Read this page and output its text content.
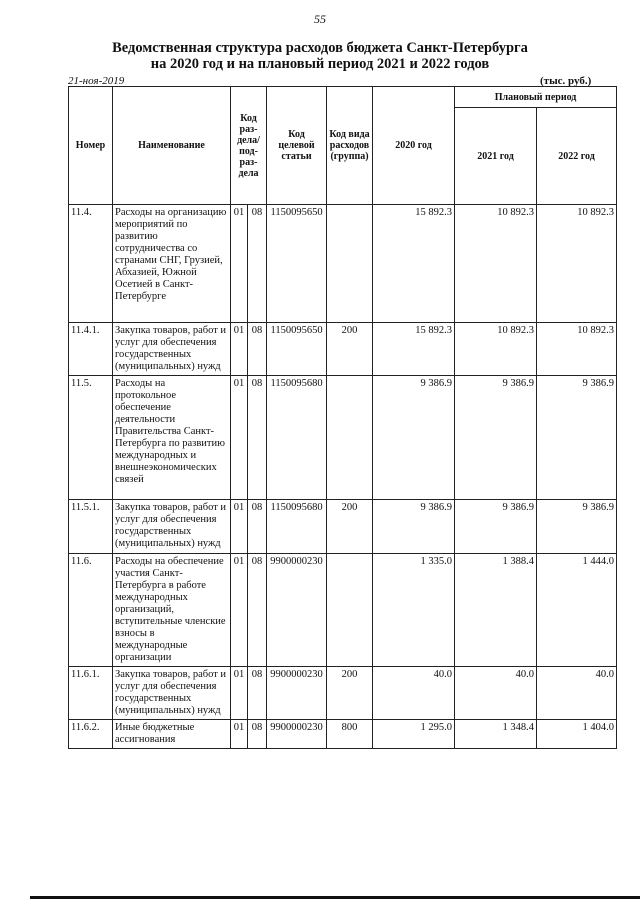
55
Ведомственная структура расходов бюджета Санкт-Петербурга
на 2020 год и на плановый период 2021 и 2022 годов
21-ноя-2019	(тыс. руб.)
Номер	Наименование	Код раз- дела/ под- раз- дела		Код целевой статьи	Код вида расходов (группа)	2020 год	Плановый период	
							2021 год	2022 год
11.4.	Расходы на организацию мероприятий по развитию сотрудничества со странами СНГ, Грузией, Абхазией, Южной Осетией в Санкт-Петербурге	01	08	1150095650		15 892.3	10 892.3	10 892.3
11.4.1.	Закупка товаров, работ и услуг для обеспечения государственных (муниципальных) нужд	01	08	1150095650	200	15 892.3	10 892.3	10 892.3
11.5.	Расходы на протокольное обеспечение деятельности Правительства Санкт-Петербурга по развитию международных и внешнеэкономических связей	01	08	1150095680		9 386.9	9 386.9	9 386.9
11.5.1.	Закупка товаров, работ и услуг для обеспечения государственных (муниципальных) нужд	01	08	1150095680	200	9 386.9	9 386.9	9 386.9
11.6.	Расходы на обеспечение участия Санкт-Петербурга в работе международных организаций, вступительные членские взносы в международные организации	01	08	9900000230		1 335.0	1 388.4	1 444.0
11.6.1.	Закупка товаров, работ и услуг для обеспечения государственных (муниципальных) нужд	01	08	9900000230	200	40.0	40.0	40.0
11.6.2.	Иные бюджетные ассигнования	01	08	9900000230	800	1 295.0	1 348.4	1 404.0
